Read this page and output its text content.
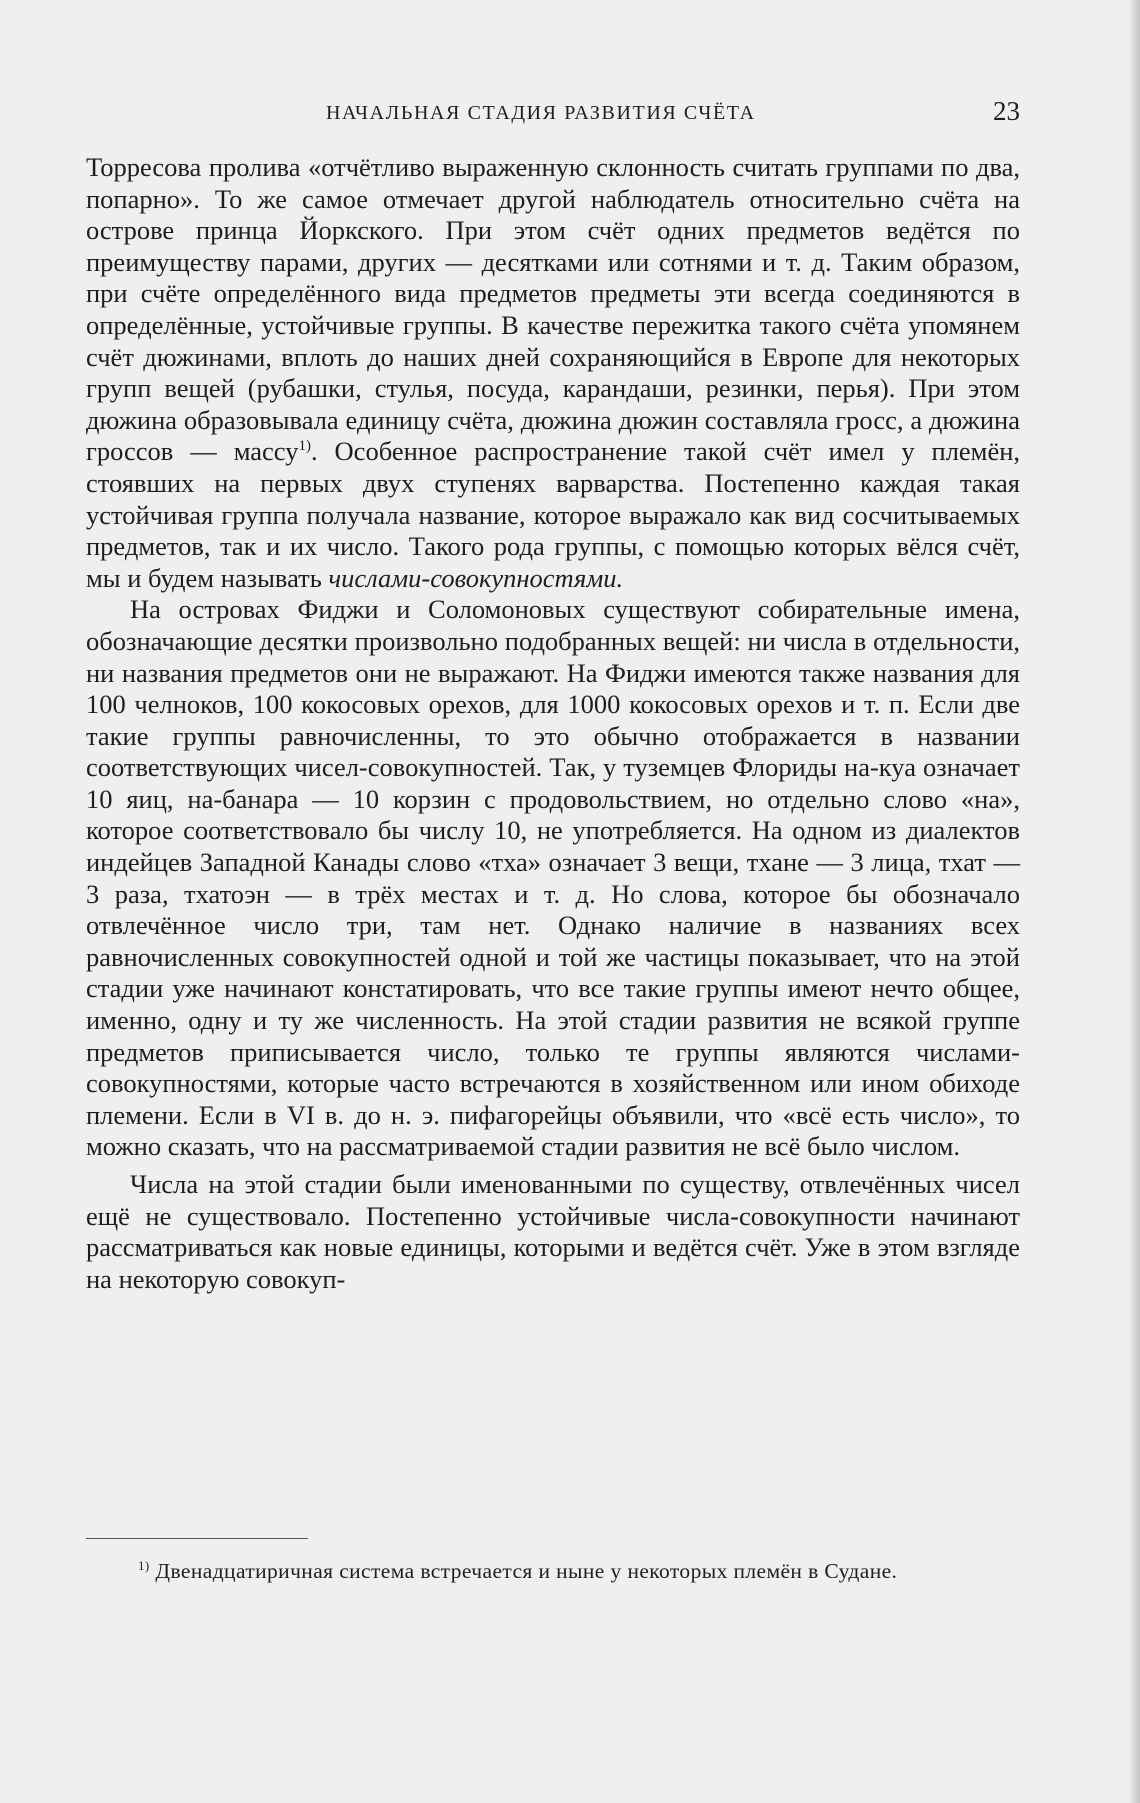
НАЧАЛЬНАЯ СТАДИЯ РАЗВИТИЯ СЧЁТА	23

Торресова пролива «отчётливо выраженную склонность считать группами по два, попарно». То же самое отмечает другой наблюдатель относительно счёта на острове принца Йоркского. При этом счёт одних предметов ведётся по преимуществу парами, других — десятками или сотнями и т. д. Таким образом, при счёте определённого вида предметов предметы эти всегда соединяются в определённые, устойчивые группы. В качестве пережитка такого счёта упомянем счёт дюжинами, вплоть до наших дней сохраняющийся в Европе для некоторых групп вещей (рубашки, стулья, посуда, карандаши, резинки, перья). При этом дюжина образовывала единицу счёта, дюжина дюжин составляла гросс, а дюжина гроссов — массу$^{1)}$. Особенное распространение такой счёт имел у племён, стоявших на первых двух ступенях варварства. Постепенно каждая такая устойчивая группа получала название, которое выражало как вид сосчитываемых предметов, так и их число. Такого рода группы, с помощью которых вёлся счёт, мы и будем называть числами-совокупностями.

На островах Фиджи и Соломоновых существуют собирательные имена, обозначающие десятки произвольно подобранных вещей: ни числа в отдельности, ни названия предметов они не выражают. На Фиджи имеются также названия для 100 челноков, 100 кокосовых орехов, для 1000 кокосовых орехов и т. п. Если две такие группы равночисленны, то это обычно отображается в названии соответствующих чисел-совокупностей. Так, у туземцев Флориды на-куа означает 10 яиц, на-банара — 10 корзин с продовольствием, но отдельно слово «на», которое соответствовало бы числу 10, не употребляется. На одном из диалектов индейцев Западной Канады слово «тха» означает 3 вещи, тхане — 3 лица, тхат — 3 раза, тхатоэн — в трёх местах и т. д. Но слова, которое бы обозначало отвлечённое число три, там нет. Однако наличие в названиях всех равночисленных совокупностей одной и той же частицы показывает, что на этой стадии уже начинают констатировать, что все такие группы имеют нечто общее, именно, одну и ту же численность. На этой стадии развития не всякой группе предметов приписывается число, только те группы являются числами-совокупностями, которые часто встречаются в хозяйственном или ином обиходе племени. Если в VI в. до н. э. пифагорейцы объявили, что «всё есть число», то можно сказать, что на рассматриваемой стадии развития не всё было числом.

Числа на этой стадии были именованными по существу, отвлечённых чисел ещё не существовало. Постепенно устойчивые числа-совокупности начинают рассматриваться как новые единицы, которыми и ведётся счёт. Уже в этом взгляде на некоторую совокуп-

$^{1)}$ Двенадцатиричная система встречается и ныне у некоторых племён в Судане.
